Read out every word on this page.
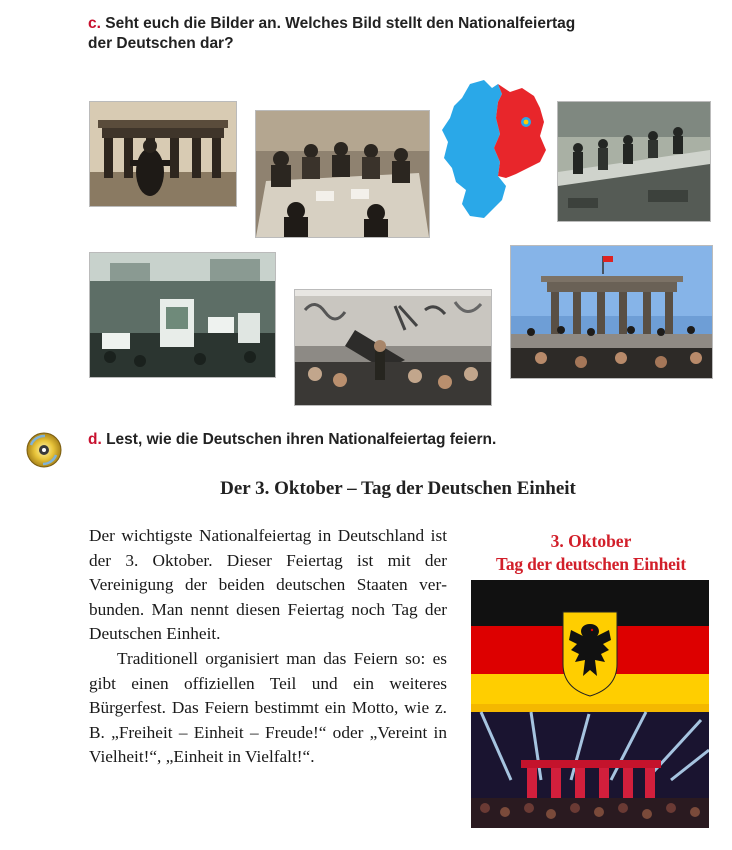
c. Seht euch die Bilder an. Welches Bild stellt den Nationalfeiertag
der Deutschen dar?
d. Lest, wie die Deutschen ihren Nationalfeiertag feiern.
Der 3. Oktober – Tag der Deutschen Einheit

Der wichtigste Nationalfeiertag in Deutschland ist der 3. Oktober. Dieser Feiertag ist mit der Vereinigung der beiden deutschen Staaten verbunden. Man nennt diesen Feiertag noch Tag der Deutschen Einheit.

Traditionell organisiert man das Feiern so: es gibt einen offiziellen Teil und ein weiteres Bürgerfest. Das Feiern bestimmt ein Motto, wie z. B. „Freiheit – Einheit – Freude!“ oder „Vereint in Vielheit!“, „Einheit in Vielfalt!“.

3. Oktober
Tag der deutschen Einheit
